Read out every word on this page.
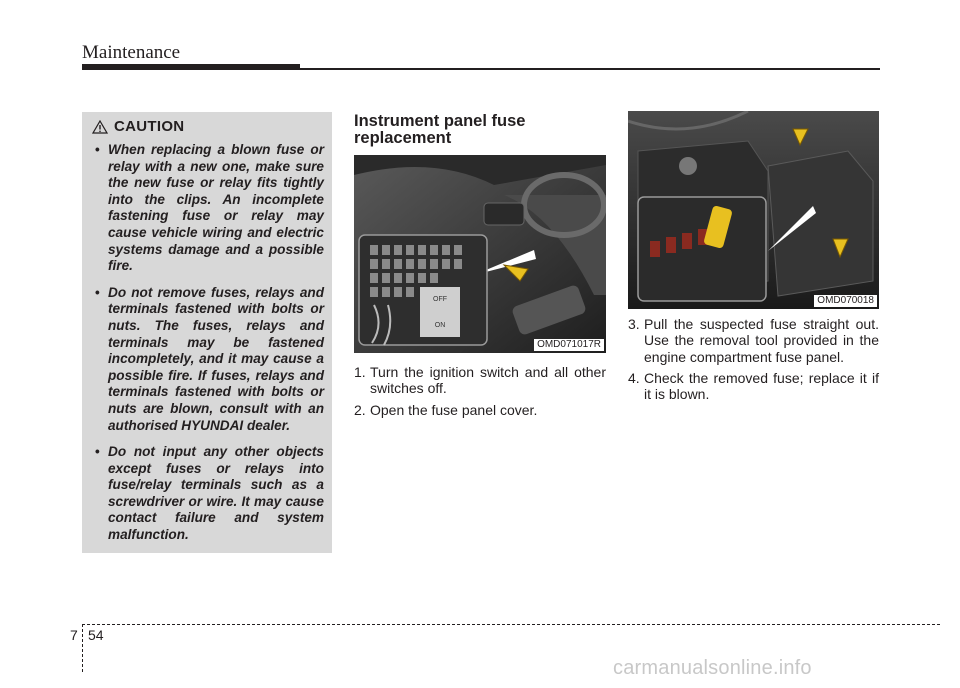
Maintenance
CAUTION
• When replacing a blown fuse or relay with a new one, make sure the new fuse or relay fits tightly into the clips. An incomplete fastening fuse or relay may cause vehicle wiring and electric systems damage and a possible fire.
• Do not remove fuses, relays and terminals fastened with bolts or nuts. The fuses, relays and terminals may be fastened incompletely, and it may cause a possible fire. If fuses, relays and terminals fastened with bolts or nuts are blown, consult with an authorised HYUNDAI dealer.
• Do not input any other objects except fuses or relays into fuse/relay terminals such as a screwdriver or wire. It may cause contact failure and system malfunction.
Instrument panel fuse replacement
OFF
ON
OMD071017R
1. Turn the ignition switch and all other switches off.
2. Open the fuse panel cover.
OMD070018
3. Pull the suspected fuse straight out. Use the removal tool provided in the engine compartment fuse panel.
4. Check the removed fuse; replace it if it is blown.
7 54
carmanualsonline.info
